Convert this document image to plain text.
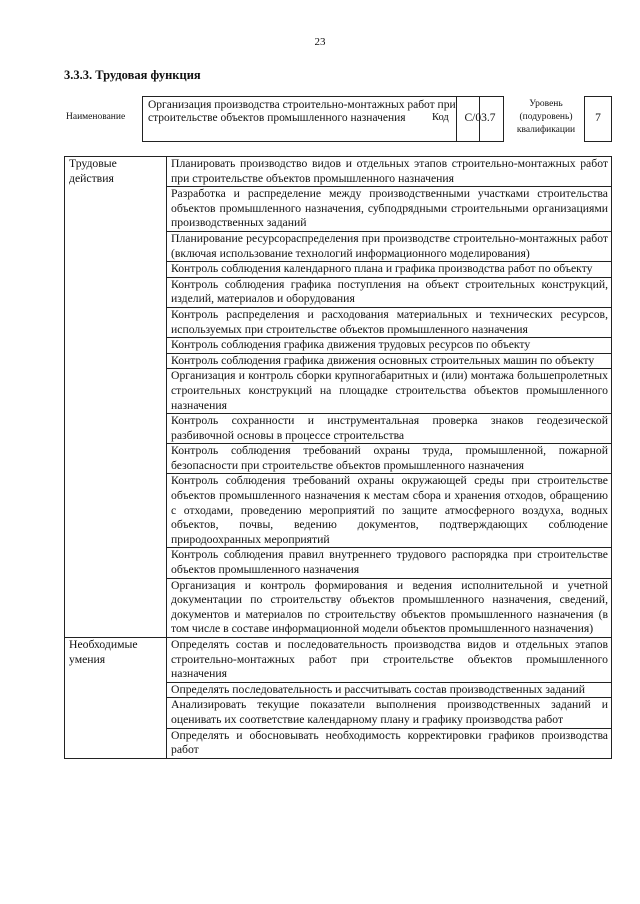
23
3.3.3. Трудовая функция
Наименование
Организация производства строительно-монтажных работ при строительстве объектов промышленного назначения	Код	С/03.7
Уровень (подуровень) квалификации
7
Трудовые действия	Планировать производство видов и отдельных этапов строительно-монтажных работ при строительстве объектов промышленного назначения
	Разработка и распределение между производственными участками строительства объектов промышленного назначения, субподрядными строительными организациями производственных заданий
	Планирование ресурсораспределения при производстве строительно-монтажных работ (включая использование технологий информационного моделирования)
	Контроль соблюдения календарного плана и графика производства работ по объекту
	Контроль соблюдения графика поступления на объект строительных конструкций, изделий, материалов и оборудования
	Контроль распределения и расходования материальных и технических ресурсов, используемых при строительстве объектов промышленного назначения
	Контроль соблюдения графика движения трудовых ресурсов по объекту
	Контроль соблюдения графика движения основных строительных машин по объекту
	Организация и контроль сборки крупногабаритных и (или) монтажа большепролетных строительных конструкций на площадке строительства объектов промышленного назначения
	Контроль сохранности и инструментальная проверка знаков геодезической разбивочной основы в процессе строительства
	Контроль соблюдения требований охраны труда, промышленной, пожарной безопасности при строительстве объектов промышленного назначения
	Контроль соблюдения требований охраны окружающей среды при строительстве объектов промышленного назначения к местам сбора и хранения отходов, обращению с отходами, проведению мероприятий по защите атмосферного воздуха, водных объектов, почвы, ведению документов, подтверждающих соблюдение природоохранных мероприятий
	Контроль соблюдения правил внутреннего трудового распорядка при строительстве объектов промышленного назначения
	Организация и контроль формирования и ведения исполнительной и учетной документации по строительству объектов промышленного назначения, сведений, документов и материалов по строительству объектов промышленного назначения (в том числе в составе информационной модели объектов промышленного назначения)
Необходимые умения	Определять состав и последовательность производства видов и отдельных этапов строительно-монтажных работ при строительстве объектов промышленного назначения
	Определять последовательность и рассчитывать состав производственных заданий
	Анализировать текущие показатели выполнения производственных заданий и оценивать их соответствие календарному плану и графику производства работ
	Определять и обосновывать необходимость корректировки графиков производства работ
